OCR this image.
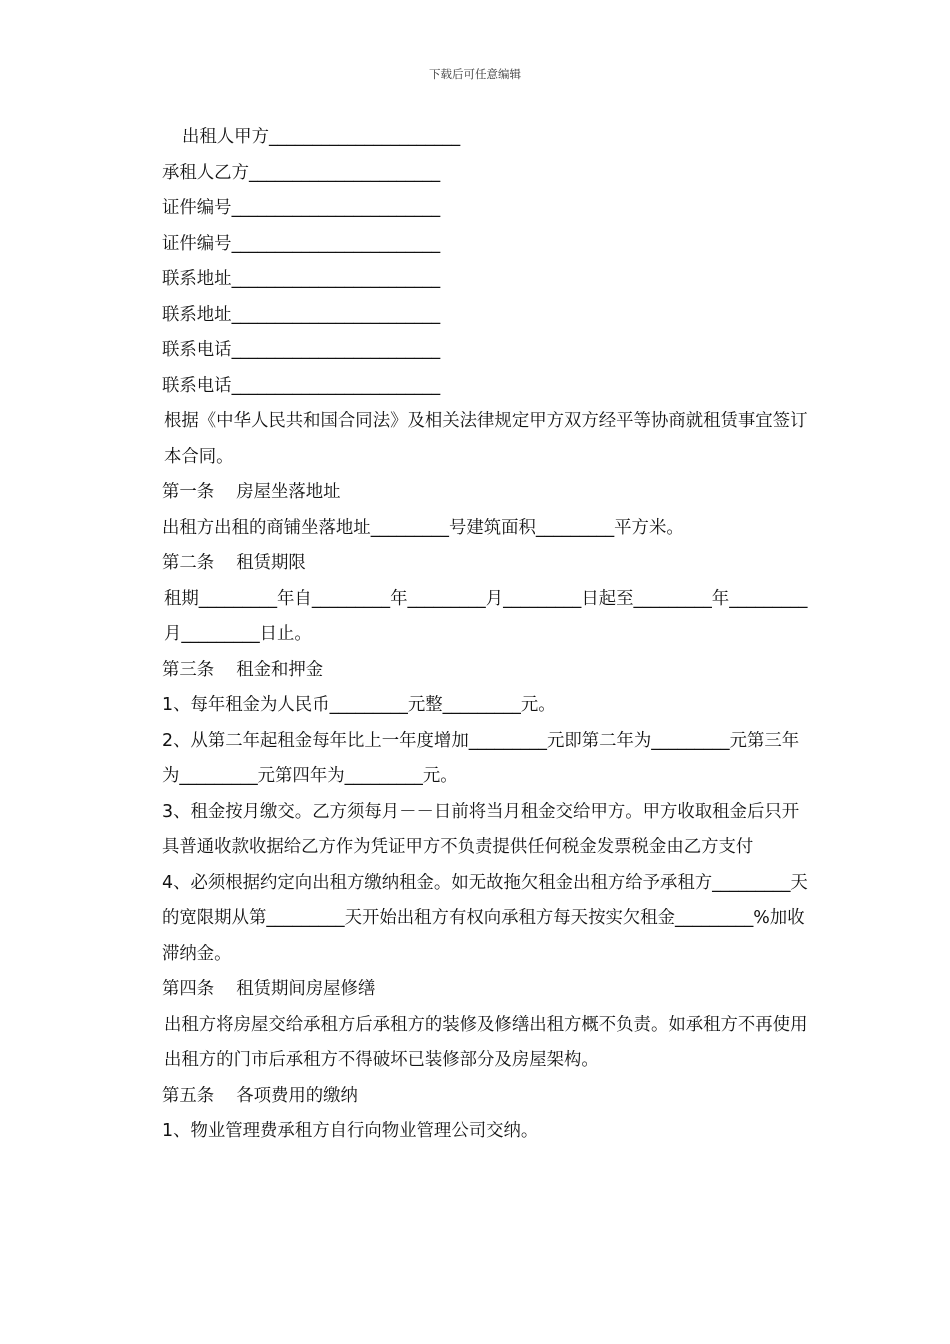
下载后可任意编辑

出租人甲方______________________

承租人乙方______________________

证件编号________________________

证件编号________________________

联系地址________________________

联系地址________________________

联系电话________________________

联系电话________________________

根据《中华人民共和国合同法》及相关法律规定甲方双方经平等协商就租赁事宜签订本合同。

第一条 房屋坐落地址

出租方出租的商铺坐落地址_________号建筑面积_________平方米。

第二条 租赁期限

租期_________年自_________年_________月_________日起至_________年_________月_________日止。

第三条 租金和押金

1、每年租金为人民币_________元整_________元。

2、从第二年起租金每年比上一年度增加_________元即第二年为_________元第三年为_________元第四年为_________元。

3、租金按月缴交。乙方须每月－－日前将当月租金交给甲方。甲方收取租金后只开具普通收款收据给乙方作为凭证甲方不负责提供任何税金发票税金由乙方支付

4、必须根据约定向出租方缴纳租金。如无故拖欠租金出租方给予承租方_________天的宽限期从第_________天开始出租方有权向承租方每天按实欠租金_________%加收滞纳金。

第四条 租赁期间房屋修缮

出租方将房屋交给承租方后承租方的装修及修缮出租方概不负责。如承租方不再使用出租方的门市后承租方不得破坏已装修部分及房屋架构。

第五条 各项费用的缴纳

1、物业管理费承租方自行向物业管理公司交纳。
